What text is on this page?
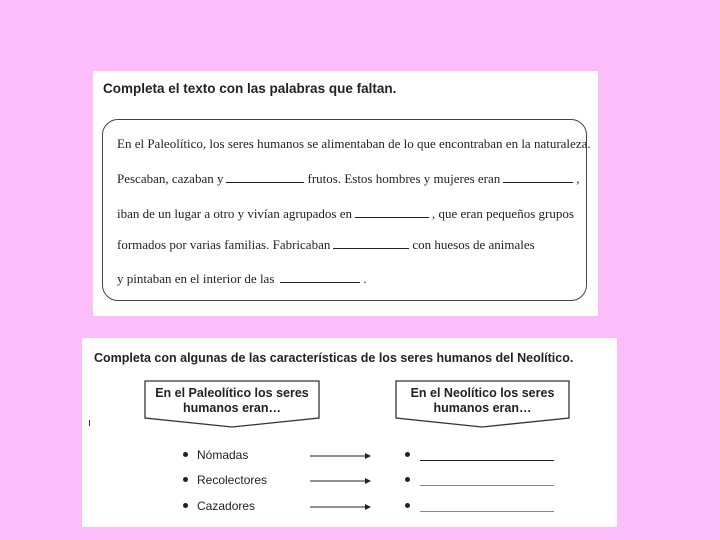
Completa el texto con las palabras que faltan.
En el Paleolítico, los seres humanos se alimentaban de lo que encontraban en la naturaleza.
Pescaban, cazaban y	frutos. Estos hombres y mujeres eran	,
iban de un lugar a otro y vivían agrupados en	, que eran pequeños grupos
formados por varias familias. Fabricaban	con huesos de animales
y pintaban en el interior de las	.
Completa con algunas de las características de los seres humanos del Neolítico.
En el Paleolítico los seres humanos eran…
En el Neolítico los seres humanos eran…
Nómadas
Recolectores
Cazadores
